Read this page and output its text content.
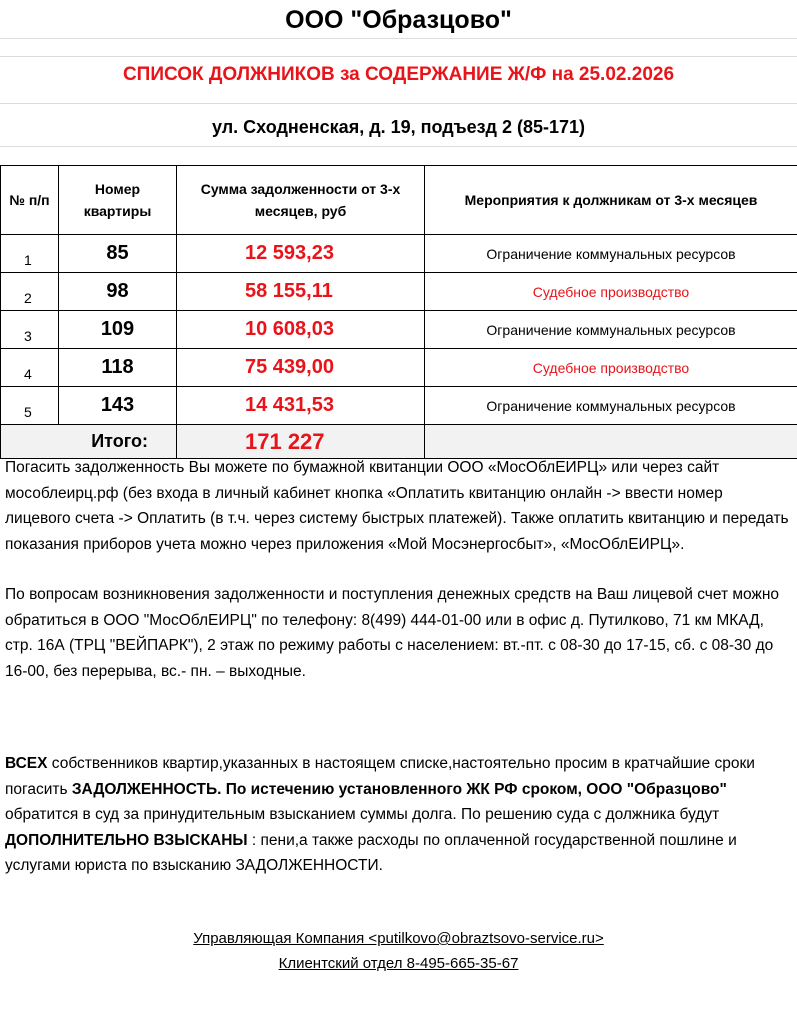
ООО "Образцово"
СПИСОК ДОЛЖНИКОВ за СОДЕРЖАНИЕ Ж/Ф на 25.02.2026
ул. Сходненская, д. 19, подъезд 2 (85-171)
№ п/п	Номер квартиры	Сумма задолженности от 3-х месяцев, руб	Мероприятия к должникам от 3-х месяцев
1	85	12 593,23	Ограничение коммунальных ресурсов
2	98	58 155,11	Судебное производство
3	109	10 608,03	Ограничение коммунальных ресурсов
4	118	75 439,00	Судебное производство
5	143	14 431,53	Ограничение коммунальных ресурсов
Итого:		171 227	
Погасить задолженность Вы можете по бумажной квитанции ООО «МосОблЕИРЦ» или через сайт мособлеирц.рф (без входа в личный кабинет кнопка «Оплатить квитанцию онлайн -> ввести номер лицевого счета -> Оплатить (в т.ч. через систему быстрых платежей). Также оплатить квитанцию и передать показания приборов учета можно через приложения «Мой Мосэнергосбыт», «МосОблЕИРЦ».
По вопросам возникновения задолженности и поступления денежных средств на Ваш лицевой счет можно обратиться в ООО "МосОблЕИРЦ" по телефону: 8(499) 444-01-00 или в офис д. Путилково, 71 км МКАД, стр. 16А (ТРЦ "ВЕЙПАРК"), 2 этаж по режиму работы с населением: вт.-пт. с 08-30 до 17-15, сб. с 08-30 до 16-00, без перерыва, вс.- пн. – выходные.
ВСЕХ собственников квартир,указанных в настоящем списке,настоятельно просим в кратчайшие сроки погасить ЗАДОЛЖЕННОСТЬ. По истечению установленного ЖК РФ сроком, ООО "Образцово" обратится в суд за принудительным взысканием суммы долга. По решению суда с должника будут ДОПОЛНИТЕЛЬНО ВЗЫСКАНЫ : пени,а также расходы по оплаченной государственной пошлине и услугами юриста по взысканию ЗАДОЛЖЕННОСТИ.
Управляющая Компания <putilkovo@obraztsovo-service.ru>
Клиентский отдел 8-495-665-35-67
